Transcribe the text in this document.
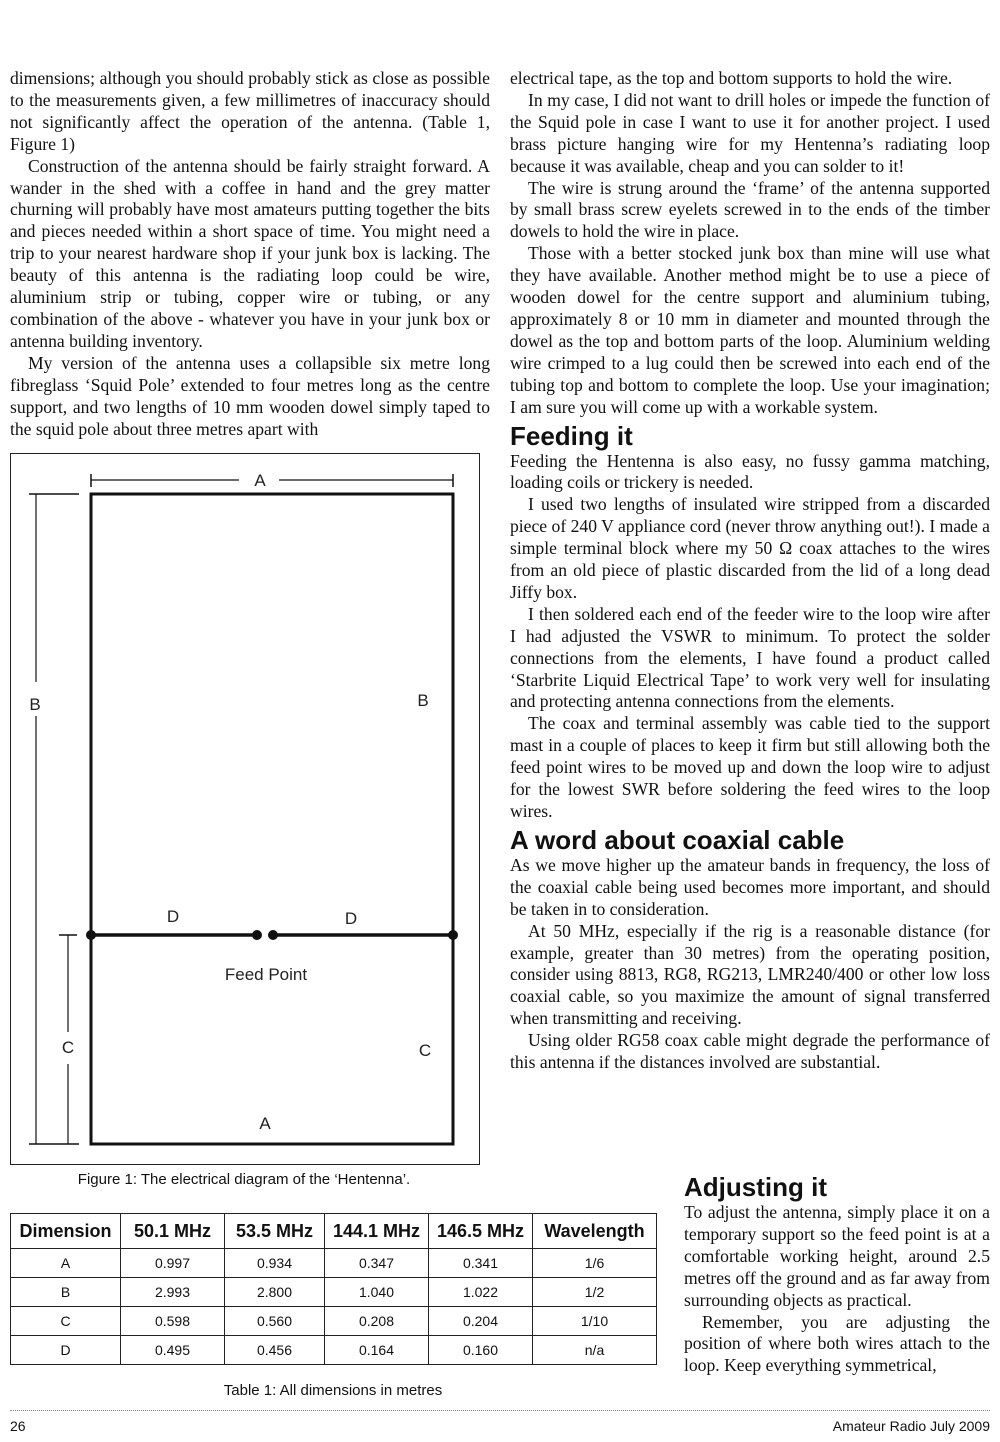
dimensions; although you should probably stick as close as possible to the measurements given, a few millimetres of inaccuracy should not significantly affect the operation of the antenna. (Table 1, Figure 1)

Construction of the antenna should be fairly straight forward. A wander in the shed with a coffee in hand and the grey matter churning will probably have most amateurs putting together the bits and pieces needed within a short space of time. You might need a trip to your nearest hardware shop if your junk box is lacking. The beauty of this antenna is the radiating loop could be wire, aluminium strip or tubing, copper wire or tubing, or any combination of the above - whatever you have in your junk box or antenna building inventory.

My version of the antenna uses a collapsible six metre long fibreglass ‘Squid Pole’ extended to four metres long as the centre support, and two lengths of 10 mm wooden dowel simply taped to the squid pole about three metres apart with

A
B	B
D	D
Feed Point
C	C
A
Figure 1: The electrical diagram of the ‘Hentenna’.
Dimension	50.1 MHz	53.5 MHz	144.1 MHz	146.5 MHz	Wavelength
A	0.997	0.934	0.347	0.341	1/6
B	2.993	2.800	1.040	1.022	1/2
C	0.598	0.560	0.208	0.204	1/10
D	0.495	0.456	0.164	0.160	n/a
Table 1: All dimensions in metres

electrical tape, as the top and bottom supports to hold the wire.

In my case, I did not want to drill holes or impede the function of the Squid pole in case I want to use it for another project. I used brass picture hanging wire for my Hentenna’s radiating loop because it was available, cheap and you can solder to it!

The wire is strung around the ‘frame’ of the antenna supported by small brass screw eyelets screwed in to the ends of the timber dowels to hold the wire in place.

Those with a better stocked junk box than mine will use what they have available. Another method might be to use a piece of wooden dowel for the centre support and aluminium tubing, approximately 8 or 10 mm in diameter and mounted through the dowel as the top and bottom parts of the loop. Aluminium welding wire crimped to a lug could then be screwed into each end of the tubing top and bottom to complete the loop. Use your imagination; I am sure you will come up with a workable system.

Feeding it

Feeding the Hentenna is also easy, no fussy gamma matching, loading coils or trickery is needed.

I used two lengths of insulated wire stripped from a discarded piece of 240 V appliance cord (never throw anything out!). I made a simple terminal block where my 50 Ω coax attaches to the wires from an old piece of plastic discarded from the lid of a long dead Jiffy box.

I then soldered each end of the feeder wire to the loop wire after I had adjusted the VSWR to minimum. To protect the solder connections from the elements, I have found a product called ‘Starbrite Liquid Electrical Tape’ to work very well for insulating and protecting antenna connections from the elements.

The coax and terminal assembly was cable tied to the support mast in a couple of places to keep it firm but still allowing both the feed point wires to be moved up and down the loop wire to adjust for the lowest SWR before soldering the feed wires to the loop wires.

A word about coaxial cable

As we move higher up the amateur bands in frequency, the loss of the coaxial cable being used becomes more important, and should be taken in to consideration.

At 50 MHz, especially if the rig is a reasonable distance (for example, greater than 30 metres) from the operating position, consider using 8813, RG8, RG213, LMR240/400 or other low loss coaxial cable, so you maximize the amount of signal transferred when transmitting and receiving.

Using older RG58 coax cable might degrade the performance of this antenna if the distances involved are substantial.

Adjusting it

To adjust the antenna, simply place it on a temporary support so the feed point is at a comfortable working height, around 2.5 metres off the ground and as far away from surrounding objects as practical.

Remember, you are adjusting the position of where both wires attach to the loop. Keep everything symmetrical,

26	Amateur Radio July 2009
